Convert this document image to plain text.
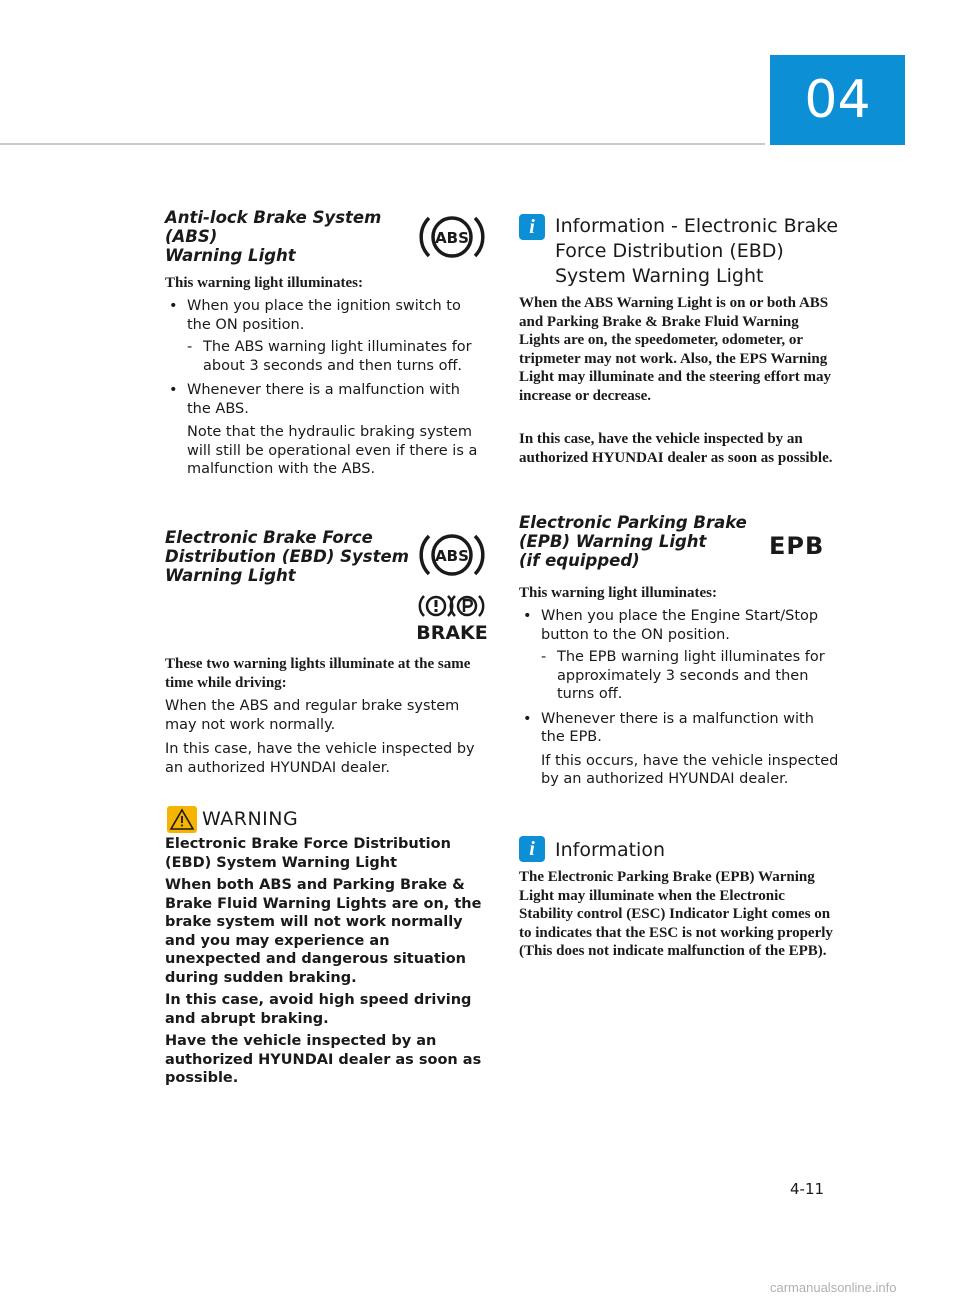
04

Anti-lock Brake System (ABS)

Warning Light

ABS

This warning light illuminates:

• When you place the ignition switch to the ON position.

- The ABS warning light illuminates for about 3 seconds and then turns off.

• Whenever there is a malfunction with the ABS.

Note that the hydraulic braking system will still be operational even if there is a malfunction with the ABS.

Electronic Brake Force

Distribution (EBD) System

Warning Light

ABS
BRAKE

These two warning lights illuminate at the same time while driving:

When the ABS and regular brake system may not work normally.

In this case, have the vehicle inspected by an authorized HYUNDAI dealer.

WARNING

Electronic Brake Force Distribution (EBD) System Warning Light

When both ABS and Parking Brake & Brake Fluid Warning Lights are on, the brake system will not work normally and you may experience an unexpected and dangerous situation during sudden braking.

In this case, avoid high speed driving and abrupt braking.

Have the vehicle inspected by an authorized HYUNDAI dealer as soon as possible.

i	Information - Electronic Brake

Force Distribution (EBD)

System Warning Light

When the ABS Warning Light is on or both ABS and Parking Brake & Brake Fluid Warning Lights are on, the speedometer, odometer, or tripmeter may not work. Also, the EPS Warning Light may illuminate and the steering effort may increase or decrease.

In this case, have the vehicle inspected by an authorized HYUNDAI dealer as soon as possible.

Electronic Parking Brake

(EPB) Warning Light

(if equipped)

EPB

This warning light illuminates:

• When you place the Engine Start/Stop button to the ON position.

- The EPB warning light illuminates for approximately 3 seconds and then turns off.

• Whenever there is a malfunction with the EPB.

If this occurs, have the vehicle inspected by an authorized HYUNDAI dealer.

i	Information

The Electronic Parking Brake (EPB) Warning Light may illuminate when the Electronic Stability control (ESC) Indicator Light comes on to indicates that the ESC is not working properly (This does not indicate malfunction of the EPB).

4-11
carmanualsonline.info
